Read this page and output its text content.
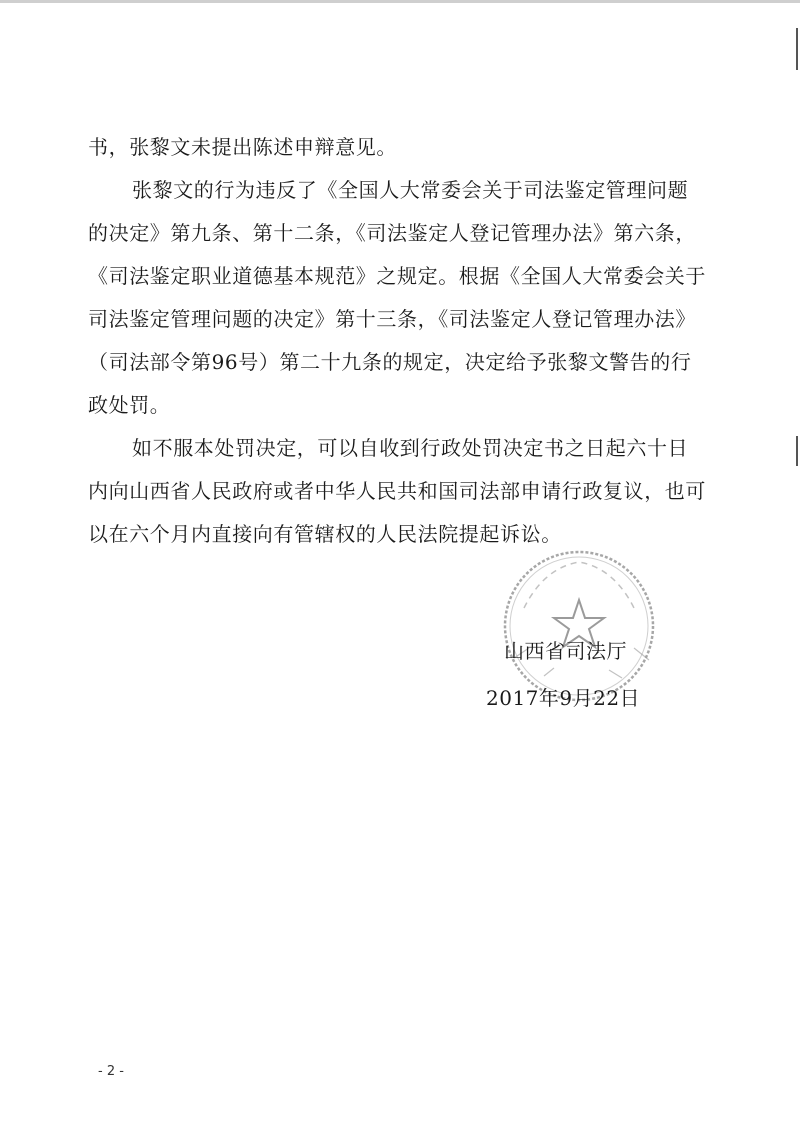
书，张黎文未提出陈述申辩意见。

张黎文的行为违反了《全国人大常委会关于司法鉴定管理问题的决定》第九条、第十二条，《司法鉴定人登记管理办法》第六条，《司法鉴定职业道德基本规范》之规定。根据《全国人大常委会关于司法鉴定管理问题的决定》第十三条，《司法鉴定人登记管理办法》（司法部令第96号）第二十九条的规定，决定给予张黎文警告的行政处罚。

如不服本处罚决定，可以自收到行政处罚决定书之日起六十日内向山西省人民政府或者中华人民共和国司法部申请行政复议，也可以在六个月内直接向有管辖权的人民法院提起诉讼。

山西省司法厅
2017年9月22日
- 2 -
